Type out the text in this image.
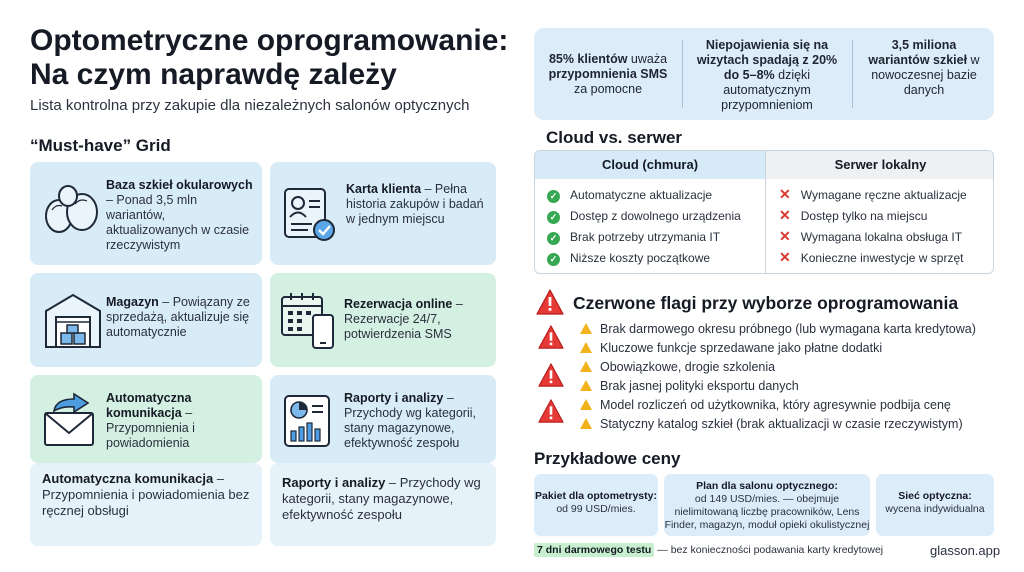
Optometryczne oprogramowanie: Na czym naprawdę zależy
Lista kontrolna przy zakupie dla niezależnych salonów optycznych
“Must-have” Grid
Baza szkieł okularowych – Ponad 3,5 mln wariantów, aktualizowanych w czasie rzeczywistym
Karta klienta – Pełna historia zakupów i badań w jednym miejscu
Magazyn – Powiązany ze sprzedażą, aktualizuje się automatycznie
Rezerwacja online – Rezerwacje 24/7, potwierdzenia SMS
Automatyczna komunikacja – Przypomnienia i powiadomienia
Raporty i analizy – Przychody wg kategorii, stany magazynowe, efektywność zespołu
Automatyczna komunikacja – Przypomnienia i powiadomienia bez ręcznej obsługi
Raporty i analizy – Przychody wg kategorii, stany magazynowe, efektywność zespołu
85% klientów uważa przypomnienia SMS za pomocne
Niepojawienia się na wizytach spadają z 20% do 5–8% dzięki automatycznym przypomnieniom
3,5 miliona wariantów szkieł w nowoczesnej bazie danych
Cloud vs. serwer
Cloud (chmura)	Serwer lokalny
✓ Automatyczne aktualizacje
✓ Dostęp z dowolnego urządzenia
✓ Brak potrzeby utrzymania IT
✓ Niższe koszty początkowe
✕ Wymagane ręczne aktualizacje
✕ Dostęp tylko na miejscu
✕ Wymagana lokalna obsługa IT
✕ Konieczne inwestycje w sprzęt
Czerwone flagi przy wyborze oprogramowania
Brak darmowego okresu próbnego (lub wymagana karta kredytowa)
Kluczowe funkcje sprzedawane jako płatne dodatki
Obowiązkowe, drogie szkolenia
Brak jasnej polityki eksportu danych
Model rozliczeń od użytkownika, który agresywnie podbija cenę
Statyczny katalog szkieł (brak aktualizacji w czasie rzeczywistym)
Przykładowe ceny
Pakiet dla optometrysty:
od 99 USD/mies.
Plan dla salonu optycznego:
od 149 USD/mies. — obejmuje nielimitowaną liczbę pracowników, Lens Finder, magazyn, moduł opieki okulistycznej
Sieć optyczna:
wycena indywidualna
7 dni darmowego testu — bez konieczności podawania karty kredytowej	glasson.app
